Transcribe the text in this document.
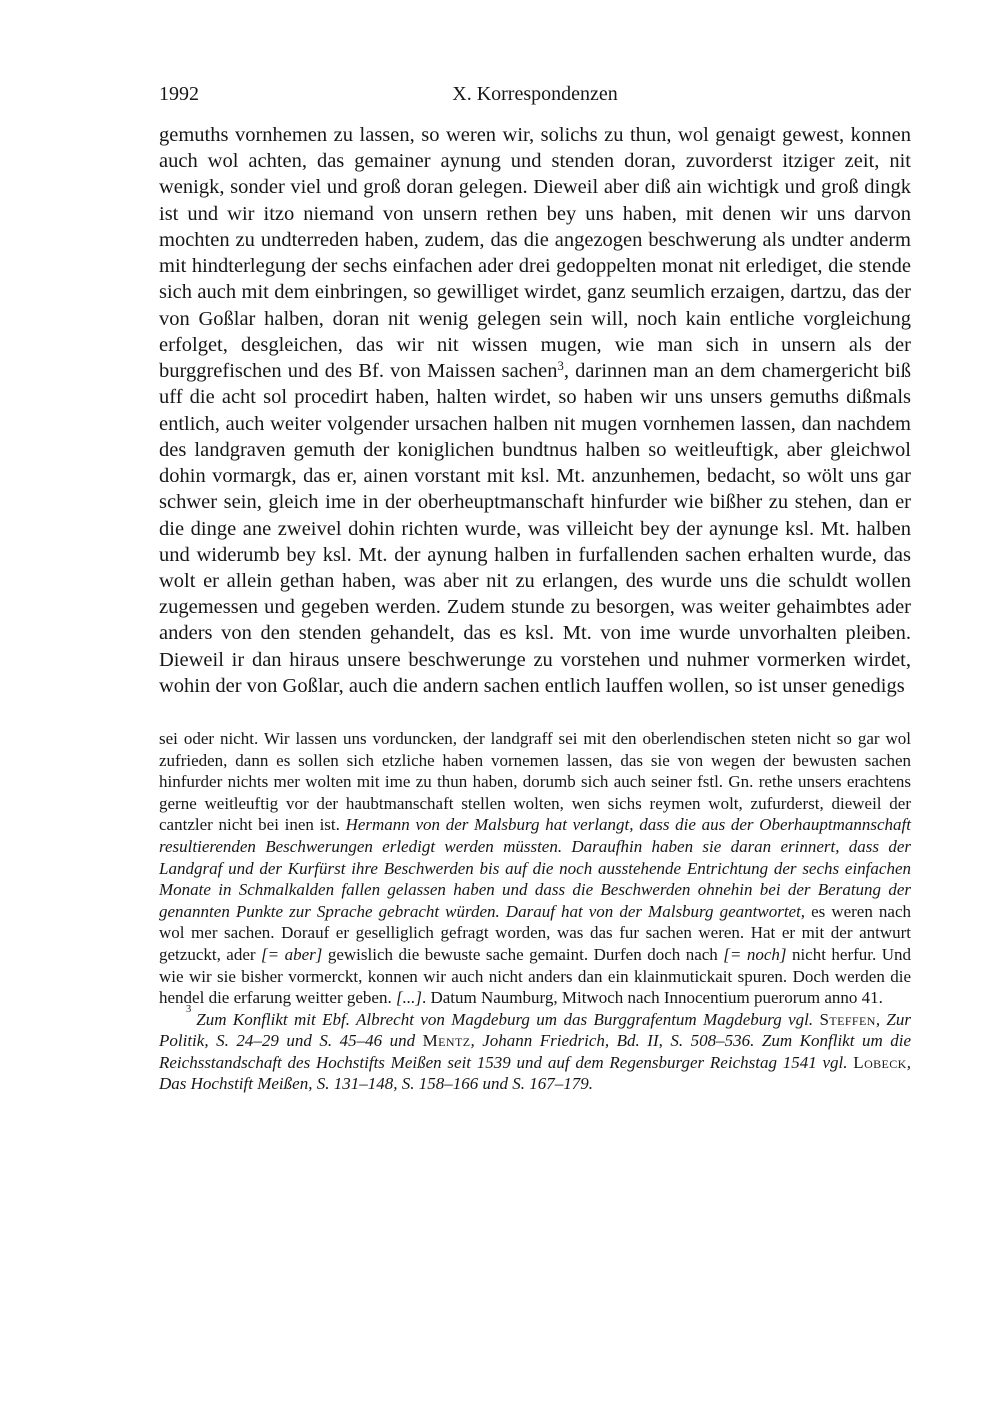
1992	X. Korrespondenzen

gemuths vornhemen zu lassen, so weren wir, solichs zu thun, wol genaigt gewest, konnen auch wol achten, das gemainer aynung und stenden doran, zuvorderst itziger zeit, nit wenigk, sonder viel und groß doran gelegen. Dieweil aber diß ain wichtigk und groß dingk ist und wir itzo niemand von unsern rethen bey uns haben, mit denen wir uns darvon mochten zu undterreden haben, zudem, das die angezogen beschwerung als undter anderm mit hindterlegung der sechs einfachen ader drei gedoppelten monat nit erlediget, die stende sich auch mit dem einbringen, so gewilliget wirdet, ganz seumlich erzaigen, dartzu, das der von Goßlar halben, doran nit wenig gelegen sein will, noch kain entliche vorgleichung erfolget, desgleichen, das wir nit wissen mugen, wie man sich in unsern als der burggrefischen und des Bf. von Maissen sachen$^3$, darinnen man an dem chamergericht biß uff die acht sol procedirt haben, halten wirdet, so haben wir uns unsers gemuths dißmals entlich, auch weiter volgender ursachen halben nit mugen vornhemen lassen, dan nachdem des landgraven gemuth der koniglichen bundtnus halben so weitleuftigk, aber gleichwol dohin vormargk, das er, ainen vorstant mit ksl. Mt. anzunhemen, bedacht, so wölt uns gar schwer sein, gleich ime in der oberheuptmanschaft hinfurder wie bißher zu stehen, dan er die dinge ane zweivel dohin richten wurde, was villeicht bey der aynunge ksl. Mt. halben und widerumb bey ksl. Mt. der aynung halben in furfallenden sachen erhalten wurde, das wolt er allein gethan haben, was aber nit zu erlangen, des wurde uns die schuldt wollen zugemessen und gegeben werden. Zudem stunde zu besorgen, was weiter gehaimbtes ader anders von den stenden gehandelt, das es ksl. Mt. von ime wurde unvorhalten pleiben. Dieweil ir dan hiraus unsere beschwerunge zu vorstehen und nuhmer vormerken wirdet, wohin der von Goßlar, auch die andern sachen entlich lauffen wollen, so ist unser genedigs

sei oder nicht. Wir lassen uns vorduncken, der landgraff sei mit den oberlendischen steten nicht so gar wol zufrieden, dann es sollen sich etzliche haben vornemen lassen, das sie von wegen der bewusten sachen hinfurder nichts mer wolten mit ime zu thun haben, dorumb sich auch seiner fstl. Gn. rethe unsers erachtens gerne weitleuftig vor der haubtmanschaft stellen wolten, wen sichs reymen wolt, zufurderst, dieweil der cantzler nicht bei inen ist. Hermann von der Malsburg hat verlangt, dass die aus der Oberhauptmannschaft resultierenden Beschwerungen erledigt werden müssten. Daraufhin haben sie daran erinnert, dass der Landgraf und der Kurfürst ihre Beschwerden bis auf die noch ausstehende Entrichtung der sechs einfachen Monate in Schmalkalden fallen gelassen haben und dass die Beschwerden ohnehin bei der Beratung der genannten Punkte zur Sprache gebracht würden. Darauf hat von der Malsburg geantwortet, es weren nach wol mer sachen. Dorauf er geselliglich gefragt worden, was das fur sachen weren. Hat er mit der antwurt getzuckt, ader [= aber] gewislich die bewuste sache gemaint. Durfen doch nach [= noch] nicht herfur. Und wie wir sie bisher vormerckt, konnen wir auch nicht anders dan ein klainmutickait spuren. Doch werden die hendel die erfarung weitter geben. [...]. Datum Naumburg, Mitwoch nach Innocentium puerorum anno 41.

$^3$ Zum Konflikt mit Ebf. Albrecht von Magdeburg um das Burggrafentum Magdeburg vgl. Steffen, Zur Politik, S. 24–29 und S. 45–46 und Mentz, Johann Friedrich, Bd. II, S. 508–536. Zum Konflikt um die Reichsstandschaft des Hochstifts Meißen seit 1539 und auf dem Regensburger Reichstag 1541 vgl. Lobeck, Das Hochstift Meißen, S. 131–148, S. 158–166 und S. 167–179.
